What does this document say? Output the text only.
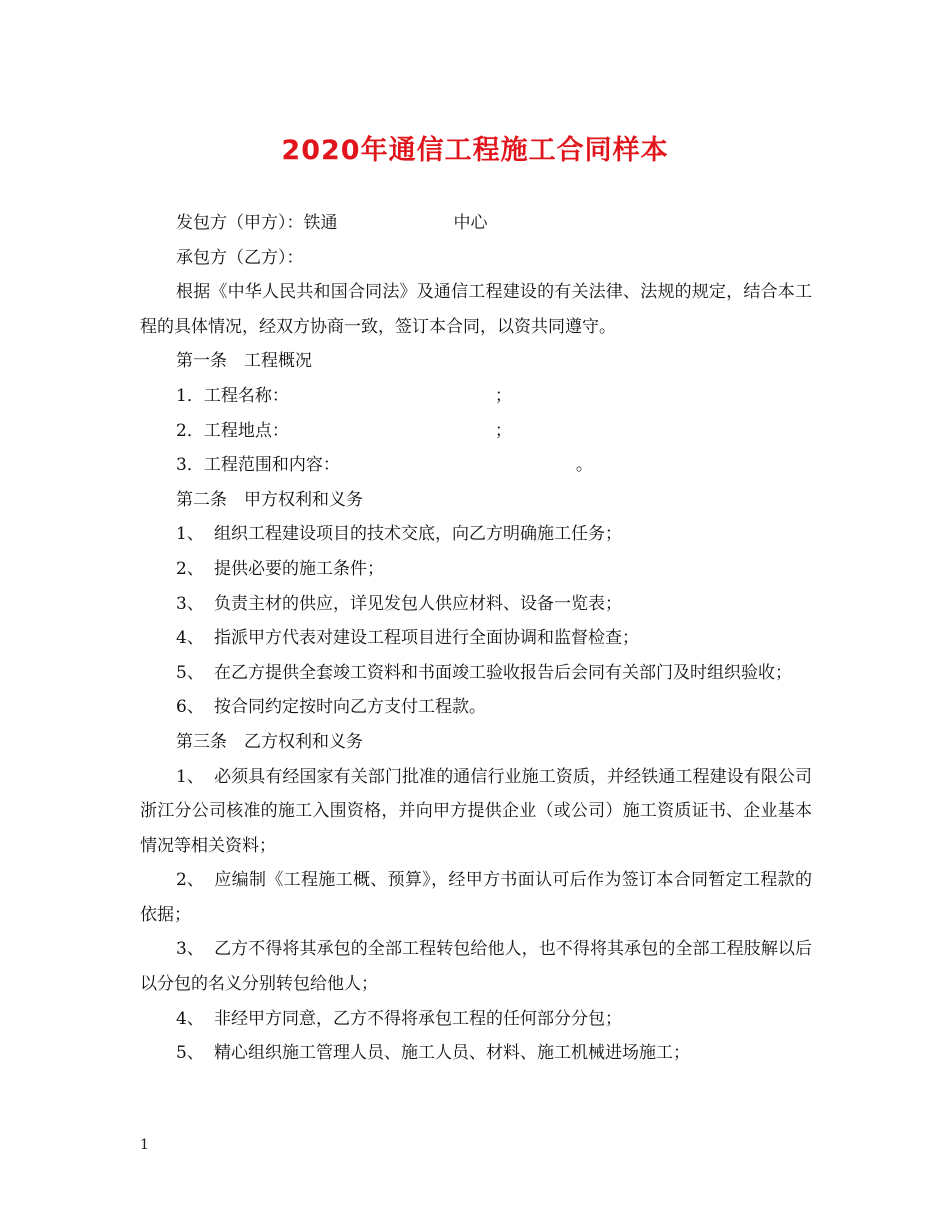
2020年通信工程施工合同样本
发包方（甲方）：铁通	中心
承包方（乙方）：

根据《中华人民共和国合同法》及通信工程建设的有关法律、法规的规定，结合本工程的具体情况，经双方协商一致，签订本合同，以资共同遵守。

第一条　工程概况
1．工程名称：	；
2．工程地点：	；
3．工程范围和内容：	。
第二条　甲方权利和义务

1、 组织工程建设项目的技术交底，向乙方明确施工任务；

2、 提供必要的施工条件；

3、 负责主材的供应，详见发包人供应材料、设备一览表；

4、 指派甲方代表对建设工程项目进行全面协调和监督检查；

5、 在乙方提供全套竣工资料和书面竣工验收报告后会同有关部门及时组织验收；

6、 按合同约定按时向乙方支付工程款。

第三条　乙方权利和义务

1、 必须具有经国家有关部门批准的通信行业施工资质，并经铁通工程建设有限公司浙江分公司核准的施工入围资格，并向甲方提供企业（或公司）施工资质证书、企业基本情况等相关资料；

2、 应编制《工程施工概、预算》，经甲方书面认可后作为签订本合同暂定工程款的依据；

3、 乙方不得将其承包的全部工程转包给他人，也不得将其承包的全部工程肢解以后以分包的名义分别转包给他人；

4、 非经甲方同意，乙方不得将承包工程的任何部分分包；

5、 精心组织施工管理人员、施工人员、材料、施工机械进场施工；

1
